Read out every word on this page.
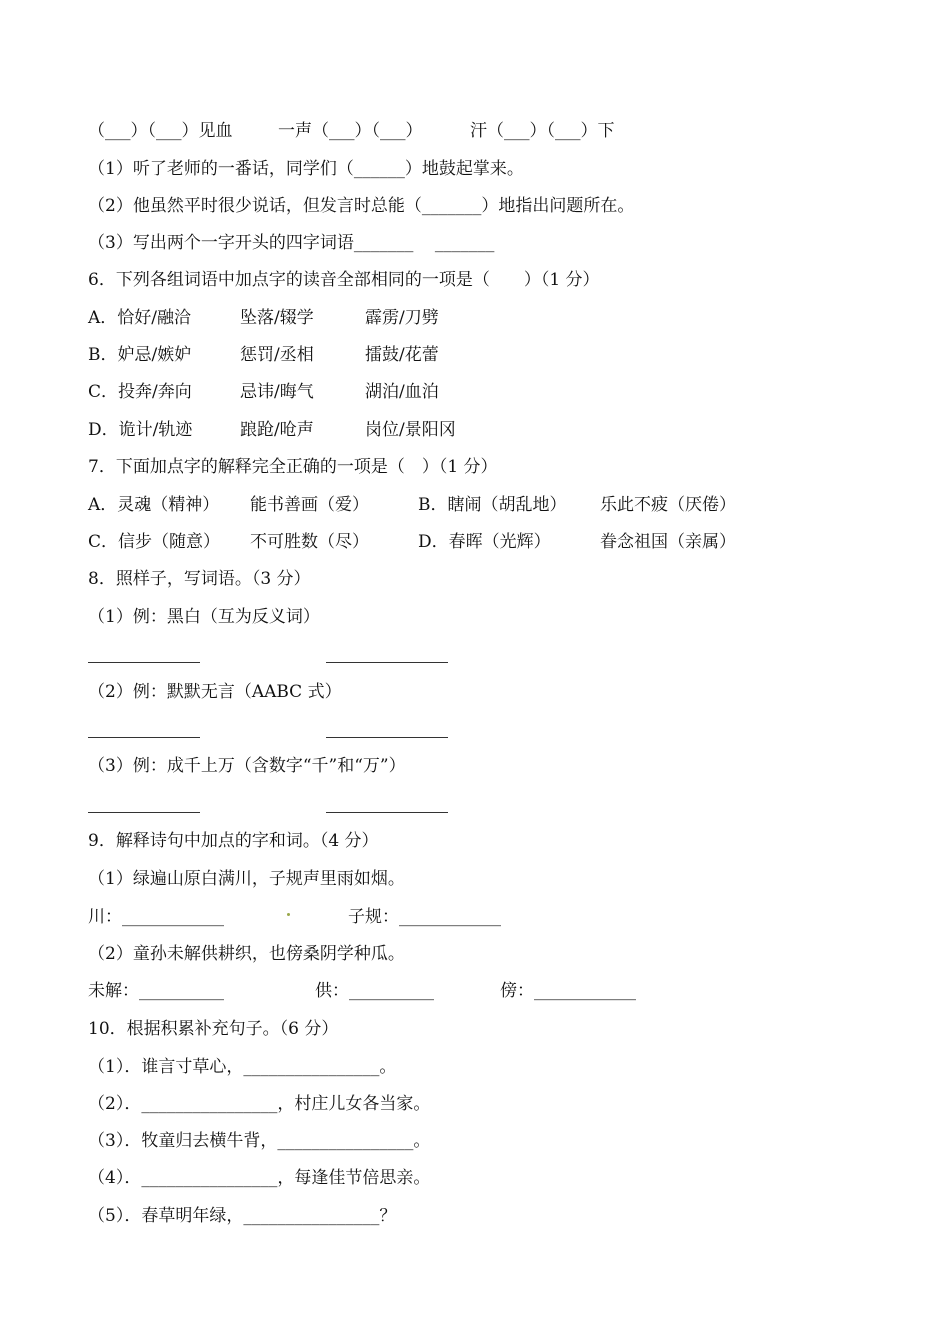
（___）（___）见血	一声（___）（___）	汗（___）（___）下
（1）听了老师的一番话，同学们（______）地鼓起掌来。
（2）他虽然平时很少说话，但发言时总能（_______）地指出问题所在。
（3）写出两个一字开头的四字词语_______    _______
6．下列各组词语中加点字的读音全部相同的一项是（　　）（1 分）
A．恰好/融洽	坠落/辍学	霹雳/刀劈
B．妒忌/嫉妒	惩罚/丞相	擂鼓/花蕾
C．投奔/奔向	忌讳/晦气	湖泊/血泊
D．诡计/轨迹	踉跄/呛声	岗位/景阳冈
7．下面加点字的解释完全正确的一项是（　）（1 分）
A．灵魂（精神） 能书善画（爱）	B．瞎闹（胡乱地） 乐此不疲（厌倦）
C．信步（随意） 不可胜数（尽）	D．春晖（光辉）	眷念祖国（亲属）
8．照样子，写词语。（3 分）
（1）例：黑白（互为反义词）
（2）例：默默无言（AABC 式）
（3）例：成千上万（含数字“千”和“万”）
9．解释诗句中加点的字和词。（4 分）
（1）绿遍山原白满川，子规声里雨如烟。
川：____________	子规：____________
（2）童孙未解供耕织，也傍桑阴学种瓜。
未解：__________	供：__________	傍：____________
10．根据积累补充句子。（6 分）
（1）．谁言寸草心，________________。
（2）．________________，村庄儿女各当家。
（3）．牧童归去横牛背，________________。
（4）．________________，每逢佳节倍思亲。
（5）．春草明年绿，________________？
